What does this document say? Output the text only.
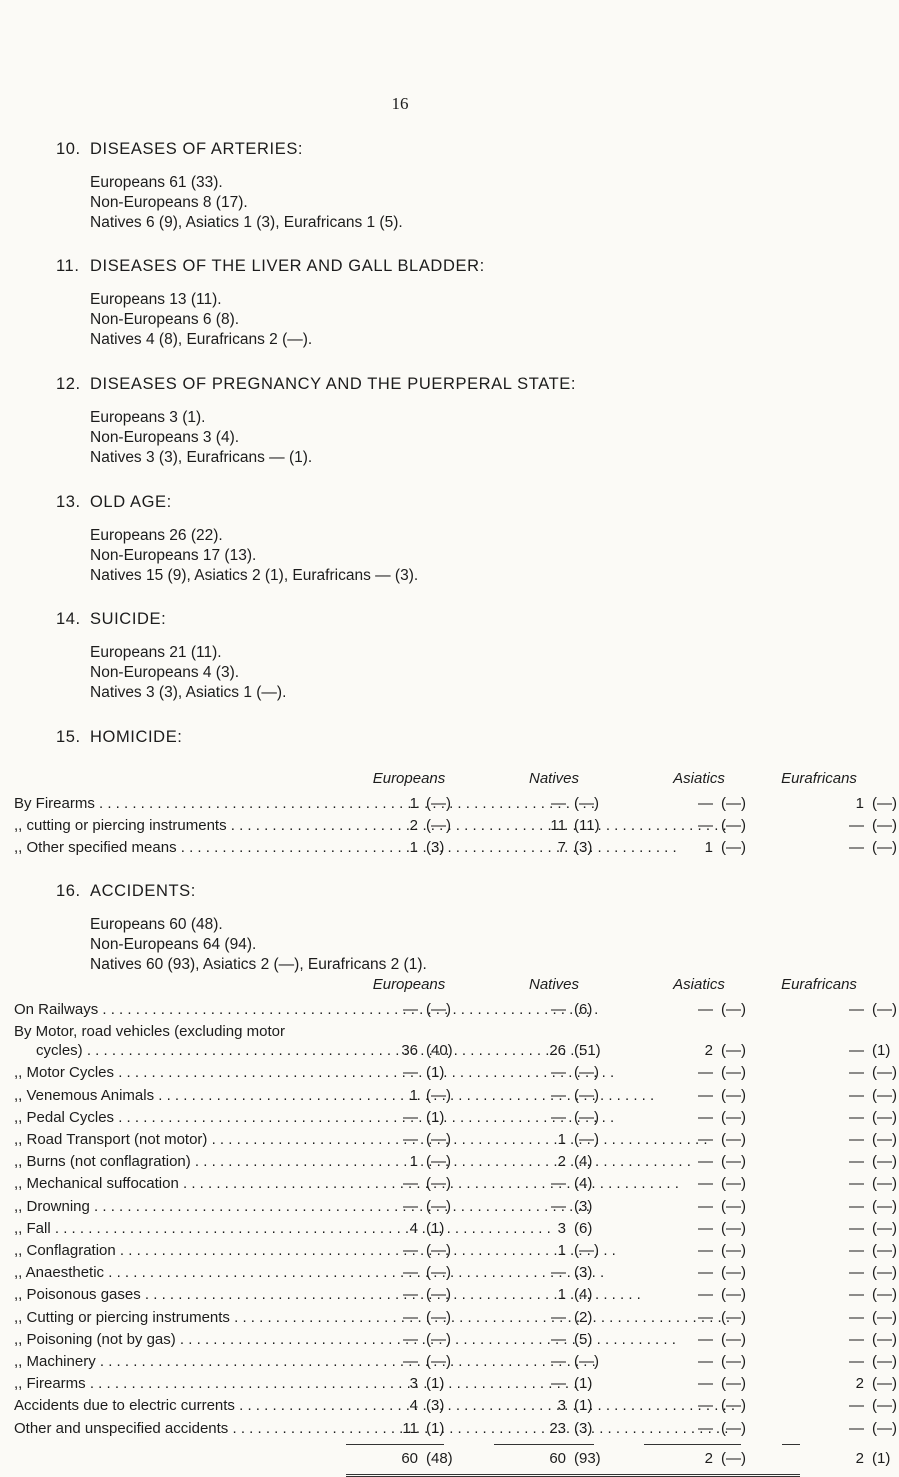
16
10. DISEASES OF ARTERIES:
Europeans 61 (33).
Non-Europeans 8 (17).
Natives 6 (9), Asiatics 1 (3), Eurafricans 1 (5).
11. DISEASES OF THE LIVER AND GALL BLADDER:
Europeans 13 (11).
Non-Europeans 6 (8).
Natives 4 (8), Eurafricans 2 (—).
12. DISEASES OF PREGNANCY AND THE PUERPERAL STATE:
Europeans 3 (1).
Non-Europeans 3 (4).
Natives 3 (3), Eurafricans — (1).
13. OLD AGE:
Europeans 26 (22).
Non-Europeans 17 (13).
Natives 15 (9), Asiatics 2 (1), Eurafricans — (3).
14. SUICIDE:
Europeans 21 (11).
Non-Europeans 4 (3).
Natives 3 (3), Asiatics 1 (—).
15. HOMICIDE:
16. ACCIDENTS:
Europeans 60 (48).
Non-Europeans 64 (94).
Natives 60 (93), Asiatics 2 (—), Eurafricans 2 (1).
Europeans	Natives	Asiatics	Eurafricans
By Firearms . . .	1 (—)	— (—)	— (—)	1 (—)
,, cutting or piercing instruments . . .	2 (—)	11 (11)	— (—)	— (—)
,, Other specified means . . .	1 (3)	7 (3)	1 (—)	— (—)
Europeans	Natives	Asiatics	Eurafricans
On Railways . . .	— (—)	— (6)	— (—)	— (—)
By Motor, road vehicles (excluding motor
cycles) . . .	36 (40)	26 (51)	2 (—)	— (1)
,, Motor Cycles . . .	— (1)	— (—)	— (—)	— (—)
,, Venemous Animals . . .	1 (—)	— (—)	— (—)	— (—)
,, Pedal Cycles . . .	— (1)	— (—)	— (—)	— (—)
,, Road Transport (not motor) . . .	— (—)	1 (—)	— (—)	— (—)
,, Burns (not conflagration) . . .	1 (—)	2 (4)	— (—)	— (—)
,, Mechanical suffocation . . .	— (—)	— (4)	— (—)	— (—)
,, Drowning . . .	— (—)	— (3)	— (—)	— (—)
,, Fall . . .	4 (1)	3 (6)	— (—)	— (—)
,, Conflagration . . .	— (—)	1 (—)	— (—)	— (—)
,, Anaesthetic . . .	— (—)	— (3)	— (—)	— (—)
,, Poisonous gases . . .	— (—)	1 (4)	— (—)	— (—)
,, Cutting or piercing instruments . . .	— (—)	— (2)	— (—)	— (—)
,, Poisoning (not by gas) . . .	— (—)	— (5)	— (—)	— (—)
,, Machinery . . .	— (—)	— (—)	— (—)	— (—)
,, Firearms . . .	3 (1)	— (1)	— (—)	2 (—)
Accidents due to electric currents . . .	4 (3)	3 (1)	— (—)	— (—)
Other and unspecified accidents . . .	11 (1)	23 (3)	— (—)	— (—)
60 (48)	60 (93)	2 (—)	2 (1)
